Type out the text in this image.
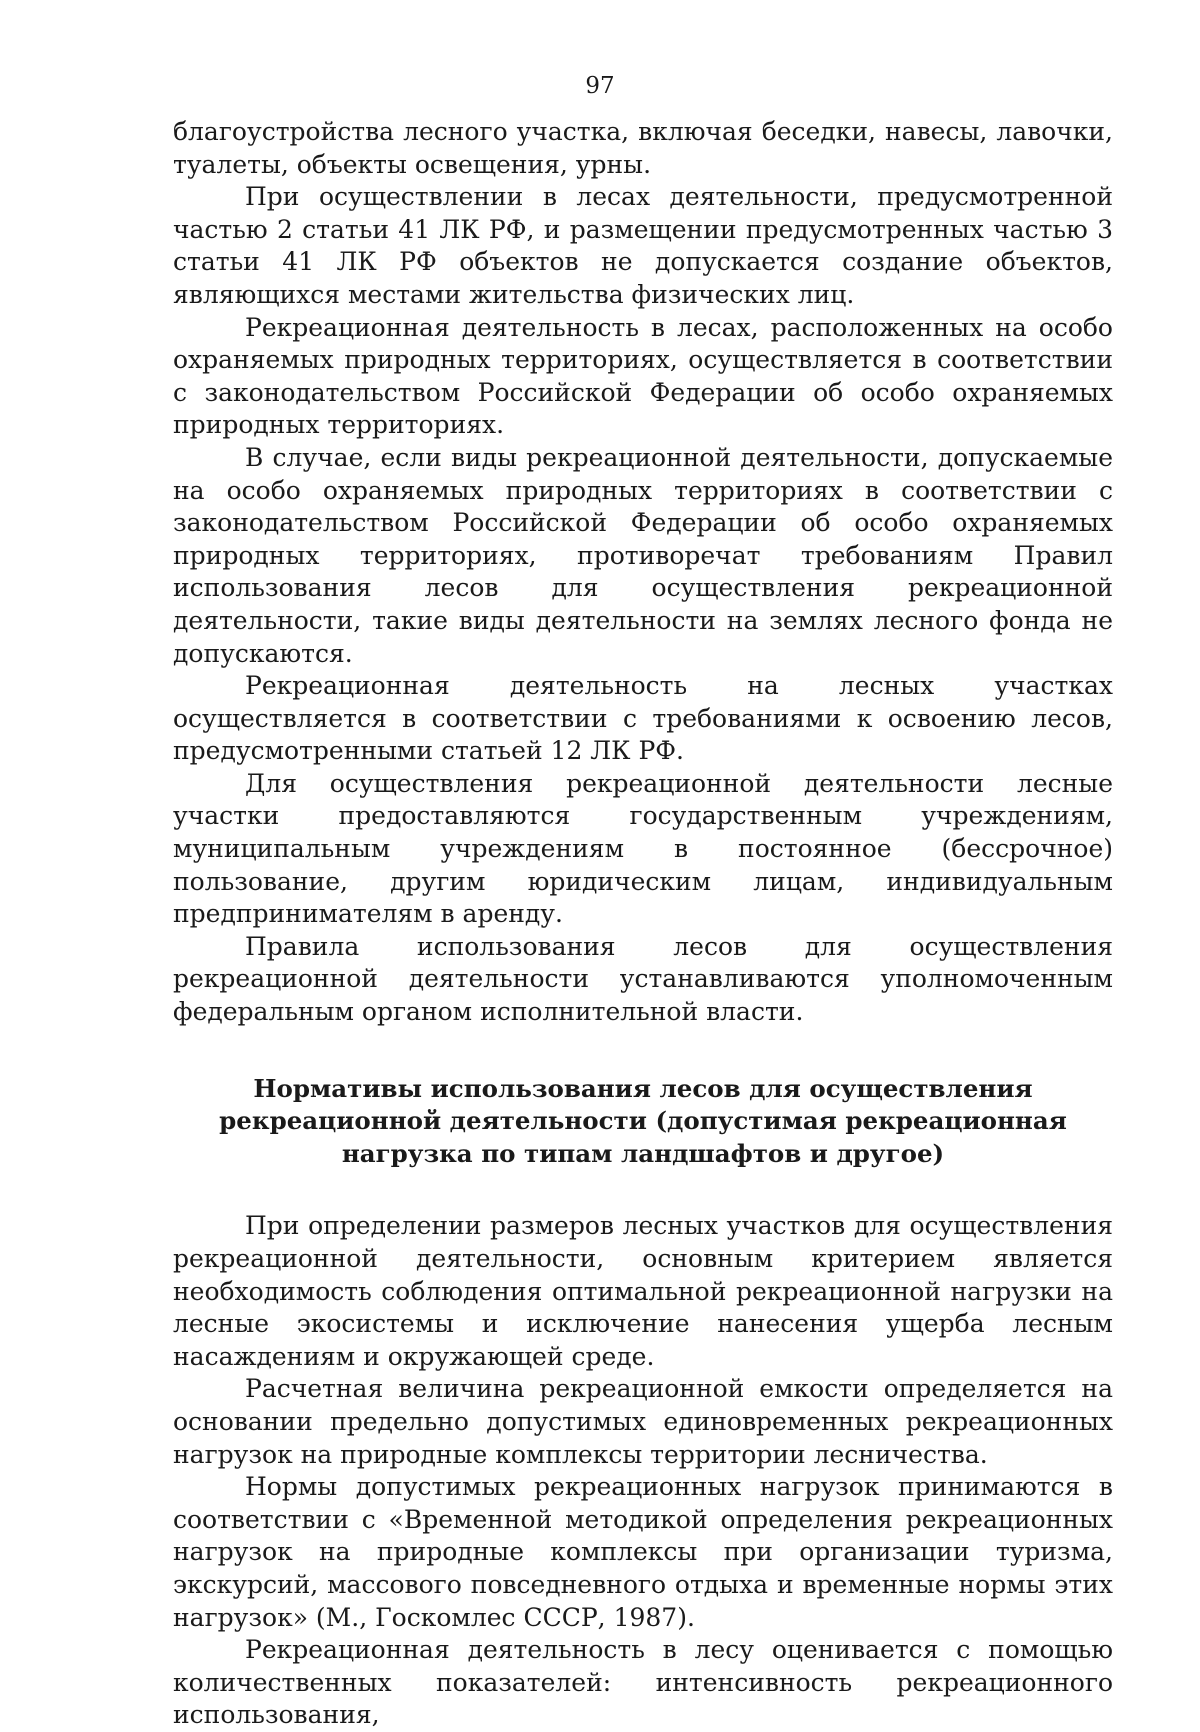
97

благоустройства лесного участка, включая беседки, навесы, лавочки, туалеты, объекты освещения, урны.

При осуществлении в лесах деятельности, предусмотренной частью 2 статьи 41 ЛК РФ, и размещении предусмотренных частью 3 статьи 41 ЛК РФ объектов не допускается создание объектов, являющихся местами жительства физических лиц.

Рекреационная деятельность в лесах, расположенных на особо охраняемых природных территориях, осуществляется в соответствии с законодательством Российской Федерации об особо охраняемых природных территориях.

В случае, если виды рекреационной деятельности, допускаемые на особо охраняемых природных территориях в соответствии с законодательством Российской Федерации об особо охраняемых природных территориях, противоречат требованиям Правил использования лесов для осуществления рекреационной деятельности, такие виды деятельности на землях лесного фонда не допускаются.

Рекреационная деятельность на лесных участках осуществляется в соответствии с требованиями к освоению лесов, предусмотренными статьей 12 ЛК РФ.

Для осуществления рекреационной деятельности лесные участки предоставляются государственным учреждениям, муниципальным учреждениям в постоянное (бессрочное) пользование, другим юридическим лицам, индивидуальным предпринимателям в аренду.

Правила использования лесов для осуществления рекреационной деятельности устанавливаются уполномоченным федеральным органом исполнительной власти.

Нормативы использования лесов для осуществления
рекреационной деятельности (допустимая рекреационная
нагрузка по типам ландшафтов и другое)

При определении размеров лесных участков для осуществления рекреационной деятельности, основным критерием является необходимость соблюдения оптимальной рекреационной нагрузки на лесные экосистемы и исключение нанесения ущерба лесным насаждениям и окружающей среде.

Расчетная величина рекреационной емкости определяется на основании предельно допустимых единовременных рекреационных нагрузок на природные комплексы территории лесничества.

Нормы допустимых рекреационных нагрузок принимаются в соответствии с «Временной методикой определения рекреационных нагрузок на природные комплексы при организации туризма, экскурсий, массового повседневного отдыха и временные нормы этих нагрузок» (М., Госкомлес СССР, 1987).

Рекреационная деятельность в лесу оценивается с помощью количественных показателей: интенсивность рекреационного использования,
